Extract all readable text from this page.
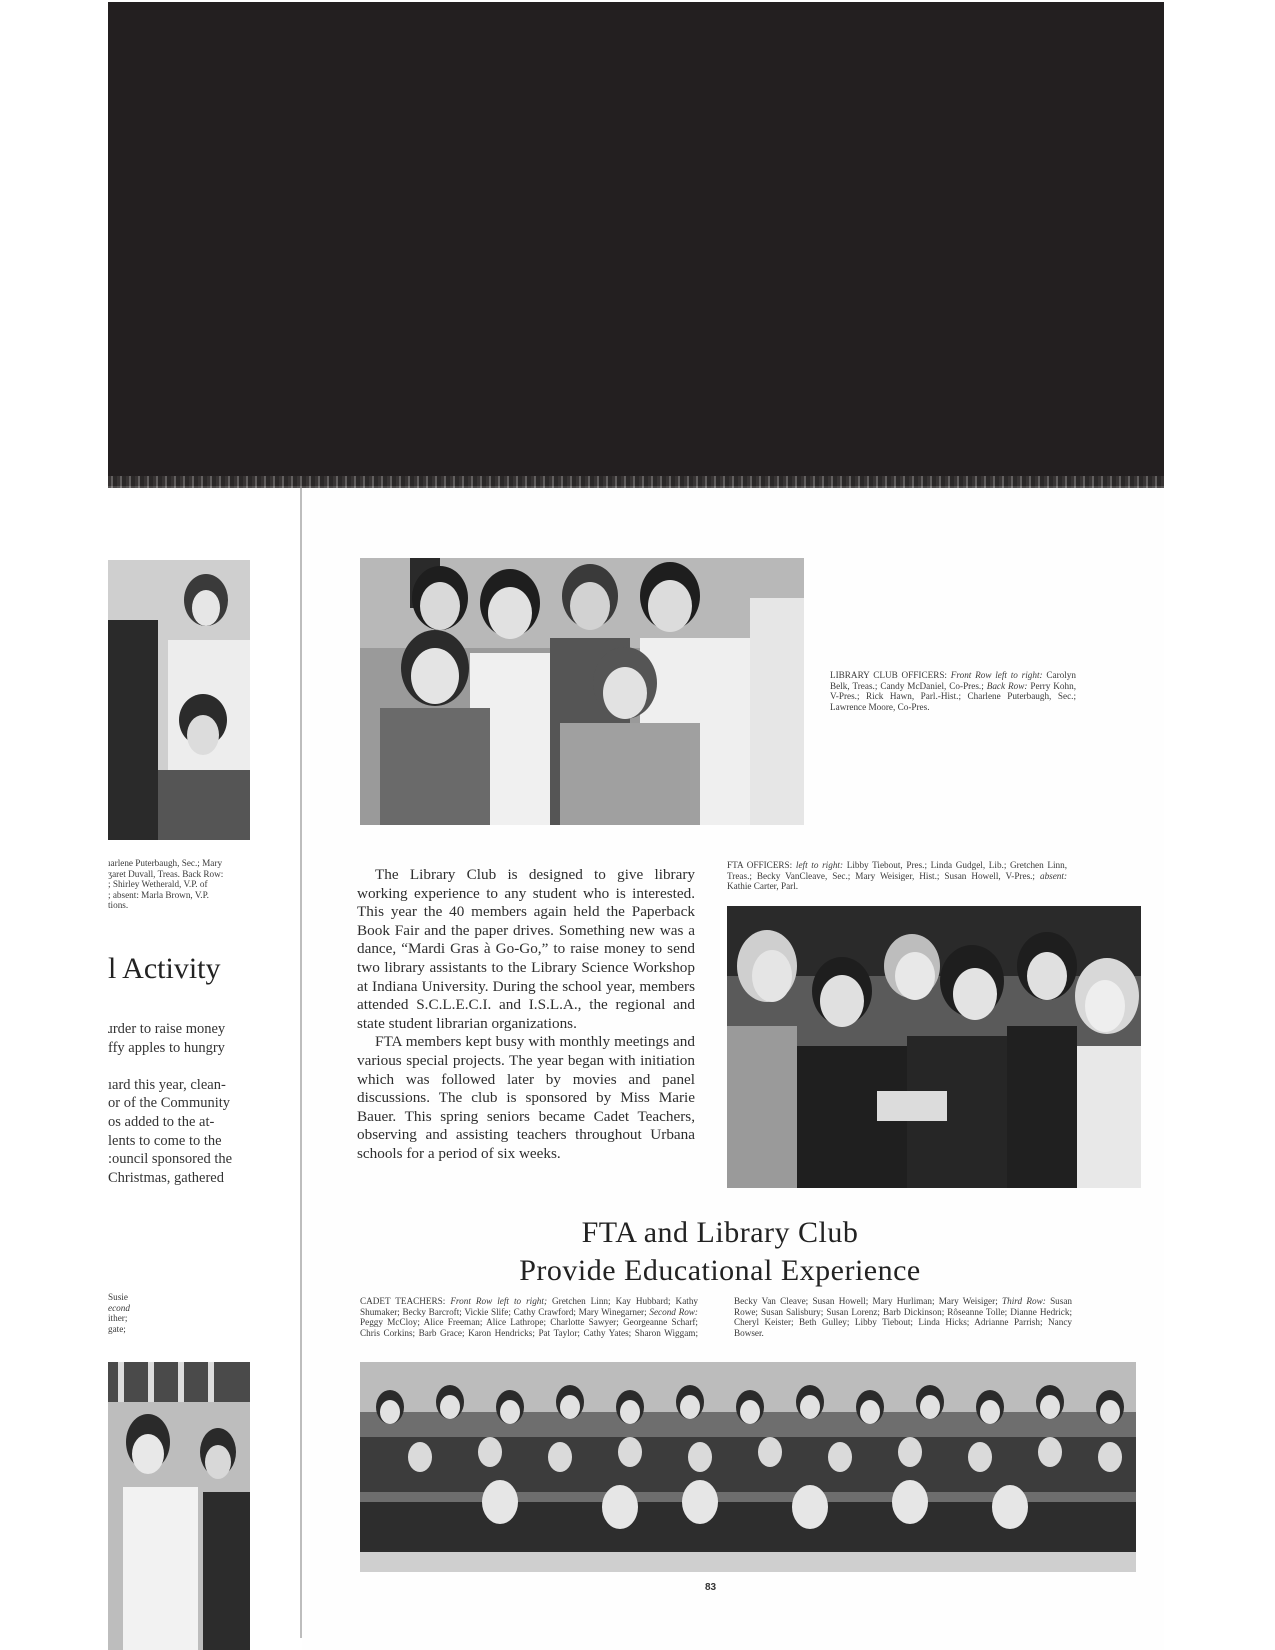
ıarlene Puterbaugh, Sec.; Mary
ʒaret Duvall, Treas. Back Row:
; Shirley Wetherald, V.P. of
; absent: Marla Brown, V.P.
tions.
l Activity
ɹrder to raise money
ffy apples to hungry
ıard this year, clean-
or of the Community
os added to the at-
lents to come to the
:ouncil sponsored the
Christmas, gathered
Susie
econd
ither;
gate;
LIBRARY CLUB OFFICERS: Front Row left to right: Carolyn Belk, Treas.; Candy McDaniel, Co-Pres.; Back Row: Perry Kohn, V-Pres.; Rick Hawn, Parl.-Hist.; Charlene Puterbaugh, Sec.; Lawrence Moore, Co-Pres.

The Library Club is designed to give library working experience to any student who is interested. This year the 40 members again held the Paperback Book Fair and the paper drives. Something new was a dance, “Mardi Gras à Go-Go,” to raise money to send two library assistants to the Library Science Workshop at Indiana University. During the school year, members attended S.C.L.E.C.I. and I.S.L.A., the regional and state student librarian organizations.

FTA members kept busy with monthly meetings and various special projects. The year began with initiation which was followed later by movies and panel discussions. The club is sponsored by Miss Marie Bauer. This spring seniors became Cadet Teachers, observing and assisting teachers throughout Urbana schools for a period of six weeks.

FTA OFFICERS: left to right: Libby Tiebout, Pres.; Linda Gudgel, Lib.; Gretchen Linn, Treas.; Becky VanCleave, Sec.; Mary Weisiger, Hist.; Susan Howell, V-Pres.; absent: Kathie Carter, Parl.
FTA and Library Club
Provide Educational Experience
CADET TEACHERS: Front Row left to right; Gretchen Linn; Kay Hubbard; Kathy Shumaker; Becky Barcroft; Vickie Slife; Cathy Crawford; Mary Winegarner; Second Row: Peggy McCloy; Alice Freeman; Alice Lathrope; Charlotte Sawyer; Georgeanne Scharf; Chris Corkins; Barb Grace; Karon Hendricks; Pat Taylor; Cathy Yates; Sharon Wiggam; Becky Van Cleave; Susan Howell; Mary Hurliman; Mary Weisiger; Third Row: Susan Rowe; Susan Salisbury; Susan Lorenz; Barb Dickinson; Rôseanne Tolle; Dianne Hedrick; Cheryl Keister; Beth Gulley; Libby Tiebout; Linda Hicks; Adrianne Parrish; Nancy Bowser.
83
